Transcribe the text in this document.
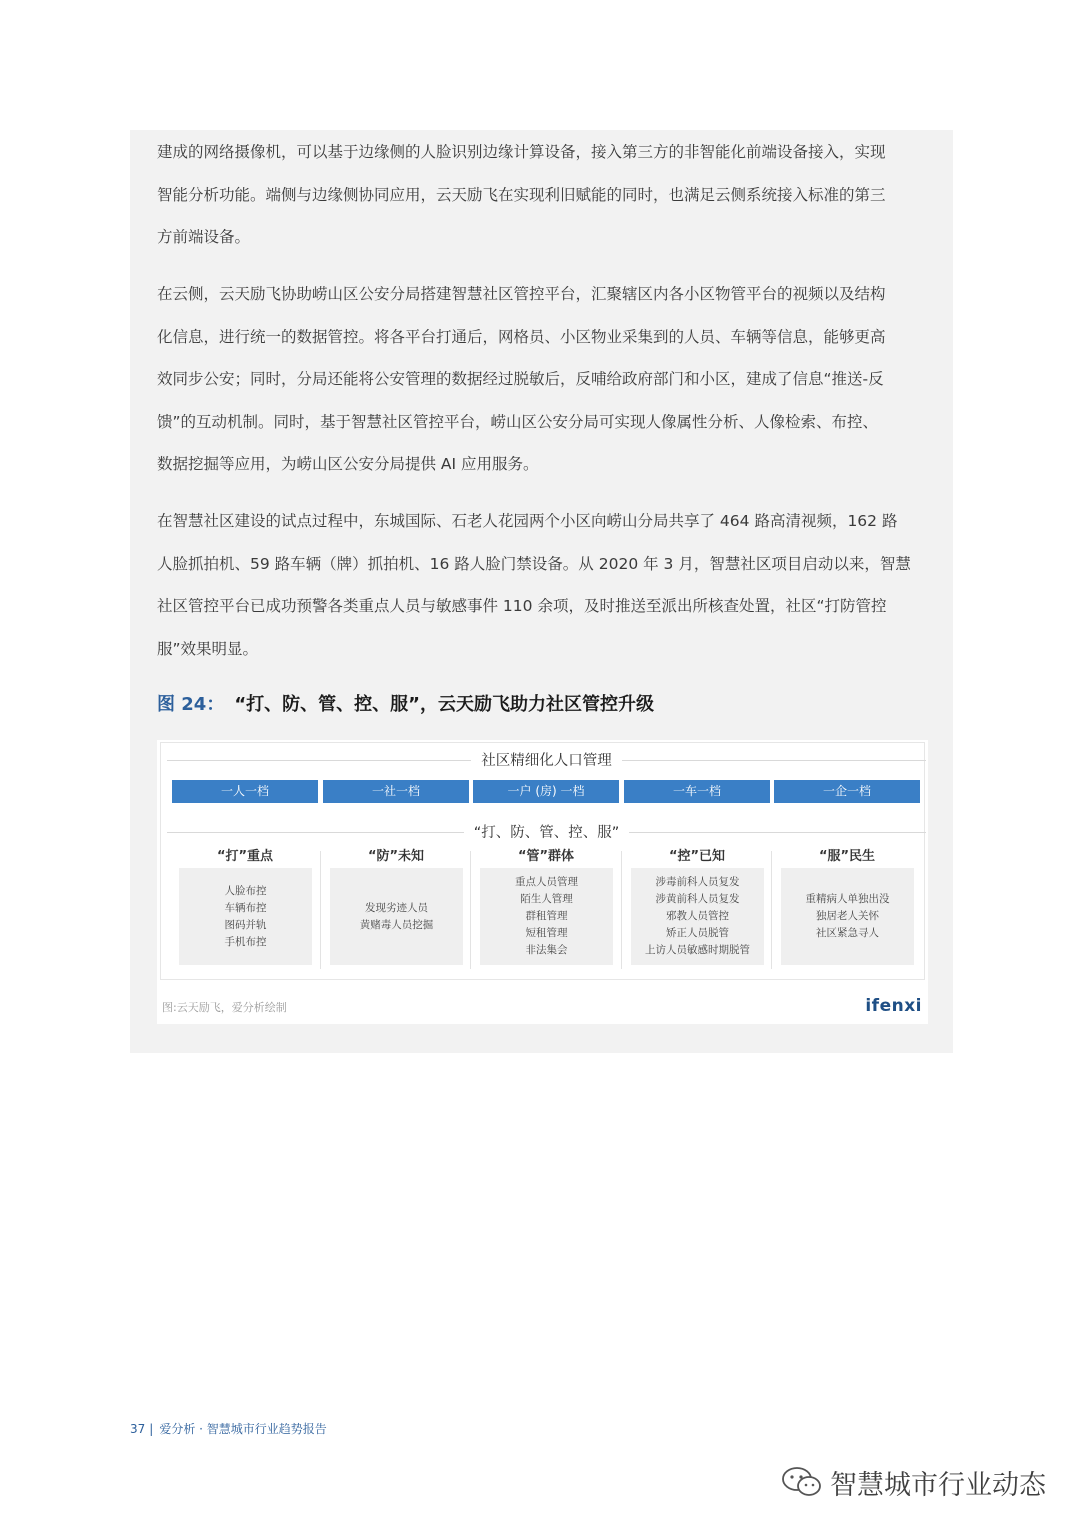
建成的网络摄像机，可以基于边缘侧的人脸识别边缘计算设备，接入第三方的非智能化前端设备接入，实现
智能分析功能。端侧与边缘侧协同应用，云天励飞在实现利旧赋能的同时，也满足云侧系统接入标准的第三
方前端设备。
在云侧，云天励飞协助崂山区公安分局搭建智慧社区管控平台，汇聚辖区内各小区物管平台的视频以及结构
化信息，进行统一的数据管控。将各平台打通后，网格员、小区物业采集到的人员、车辆等信息，能够更高
效同步公安；同时，分局还能将公安管理的数据经过脱敏后，反哺给政府部门和小区，建成了信息“推送-反
馈”的互动机制。同时，基于智慧社区管控平台，崂山区公安分局可实现人像属性分析、人像检索、布控、
数据挖掘等应用，为崂山区公安分局提供 AI 应用服务。
在智慧社区建设的试点过程中，东城国际、石老人花园两个小区向崂山分局共享了 464 路高清视频，162 路
人脸抓拍机、59 路车辆（牌）抓拍机、16 路人脸门禁设备。从 2020 年 3 月，智慧社区项目启动以来，智慧
社区管控平台已成功预警各类重点人员与敏感事件 110 余项，及时推送至派出所核查处置，社区“打防管控
服”效果明显。
图 24： “打、防、管、控、服”，云天励飞助力社区管控升级
社区精细化人口管理
一人一档	一社一档	一户 (房) 一档	一车一档	一企一档
“打、防、管、控、服”
“打”重点
人脸布控
车辆布控
图码并轨
手机布控
“防”未知
发现劣迹人员
黄赌毒人员挖掘
“管”群体
重点人员管理
陌生人管理
群租管理
短租管理
非法集会
“控”已知
涉毒前科人员复发
涉黄前科人员复发
邪教人员管控
矫正人员脱管
上访人员敏感时期脱管
“服”民生
重精病人单独出没
独居老人关怀
社区紧急寻人
图:云天励飞，爱分析绘制	ifenxi
37 | 爱分析 · 智慧城市行业趋势报告
智慧城市行业动态
